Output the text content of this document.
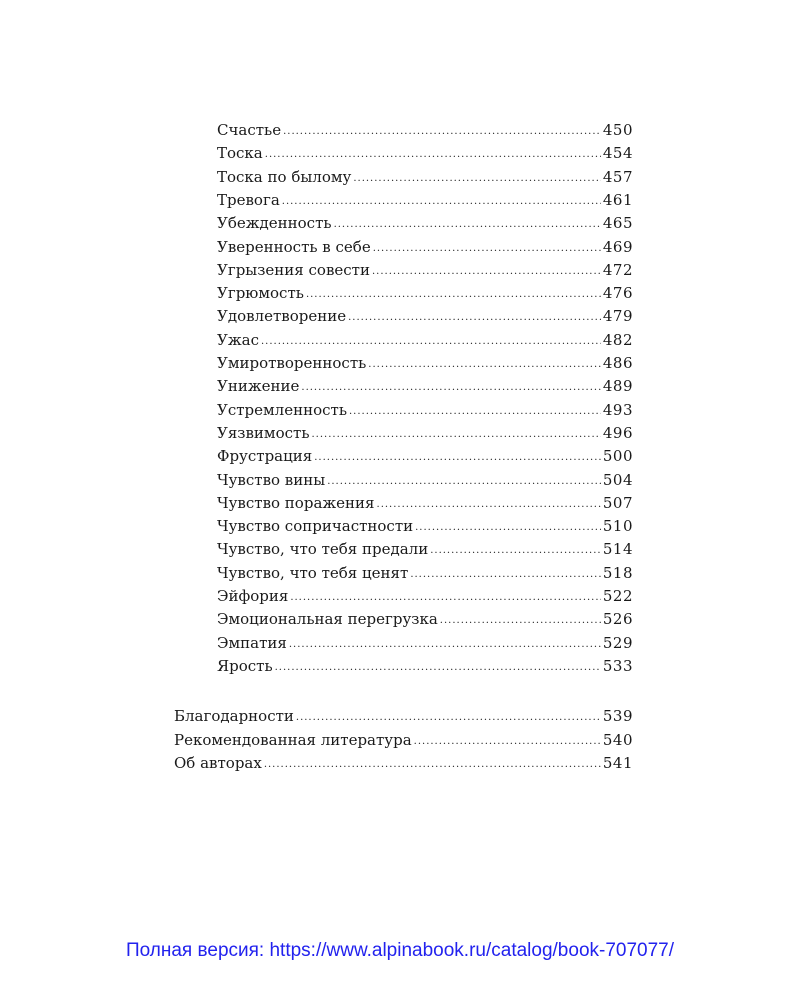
Счастье .....	450
Тоска .....	454
Тоска по былому .....	457
Тревога .....	461
Убежденность .....	465
Уверенность в себе .....	469
Угрызения совести .....	472
Угрюмость .....	476
Удовлетворение .....	479
Ужас .....	482
Умиротворенность .....	486
Унижение .....	489
Устремленность .....	493
Уязвимость .....	496
Фрустрация .....	500
Чувство вины .....	504
Чувство поражения .....	507
Чувство сопричастности .....	510
Чувство, что тебя предали .....	514
Чувство, что тебя ценят .....	518
Эйфория .....	522
Эмоциональная перегрузка .....	526
Эмпатия .....	529
Ярость .....	533
Благодарности .....	539
Рекомендованная литература .....	540
Об авторах .....	541
Полная версия: https://www.alpinabook.ru/catalog/book-707077/
